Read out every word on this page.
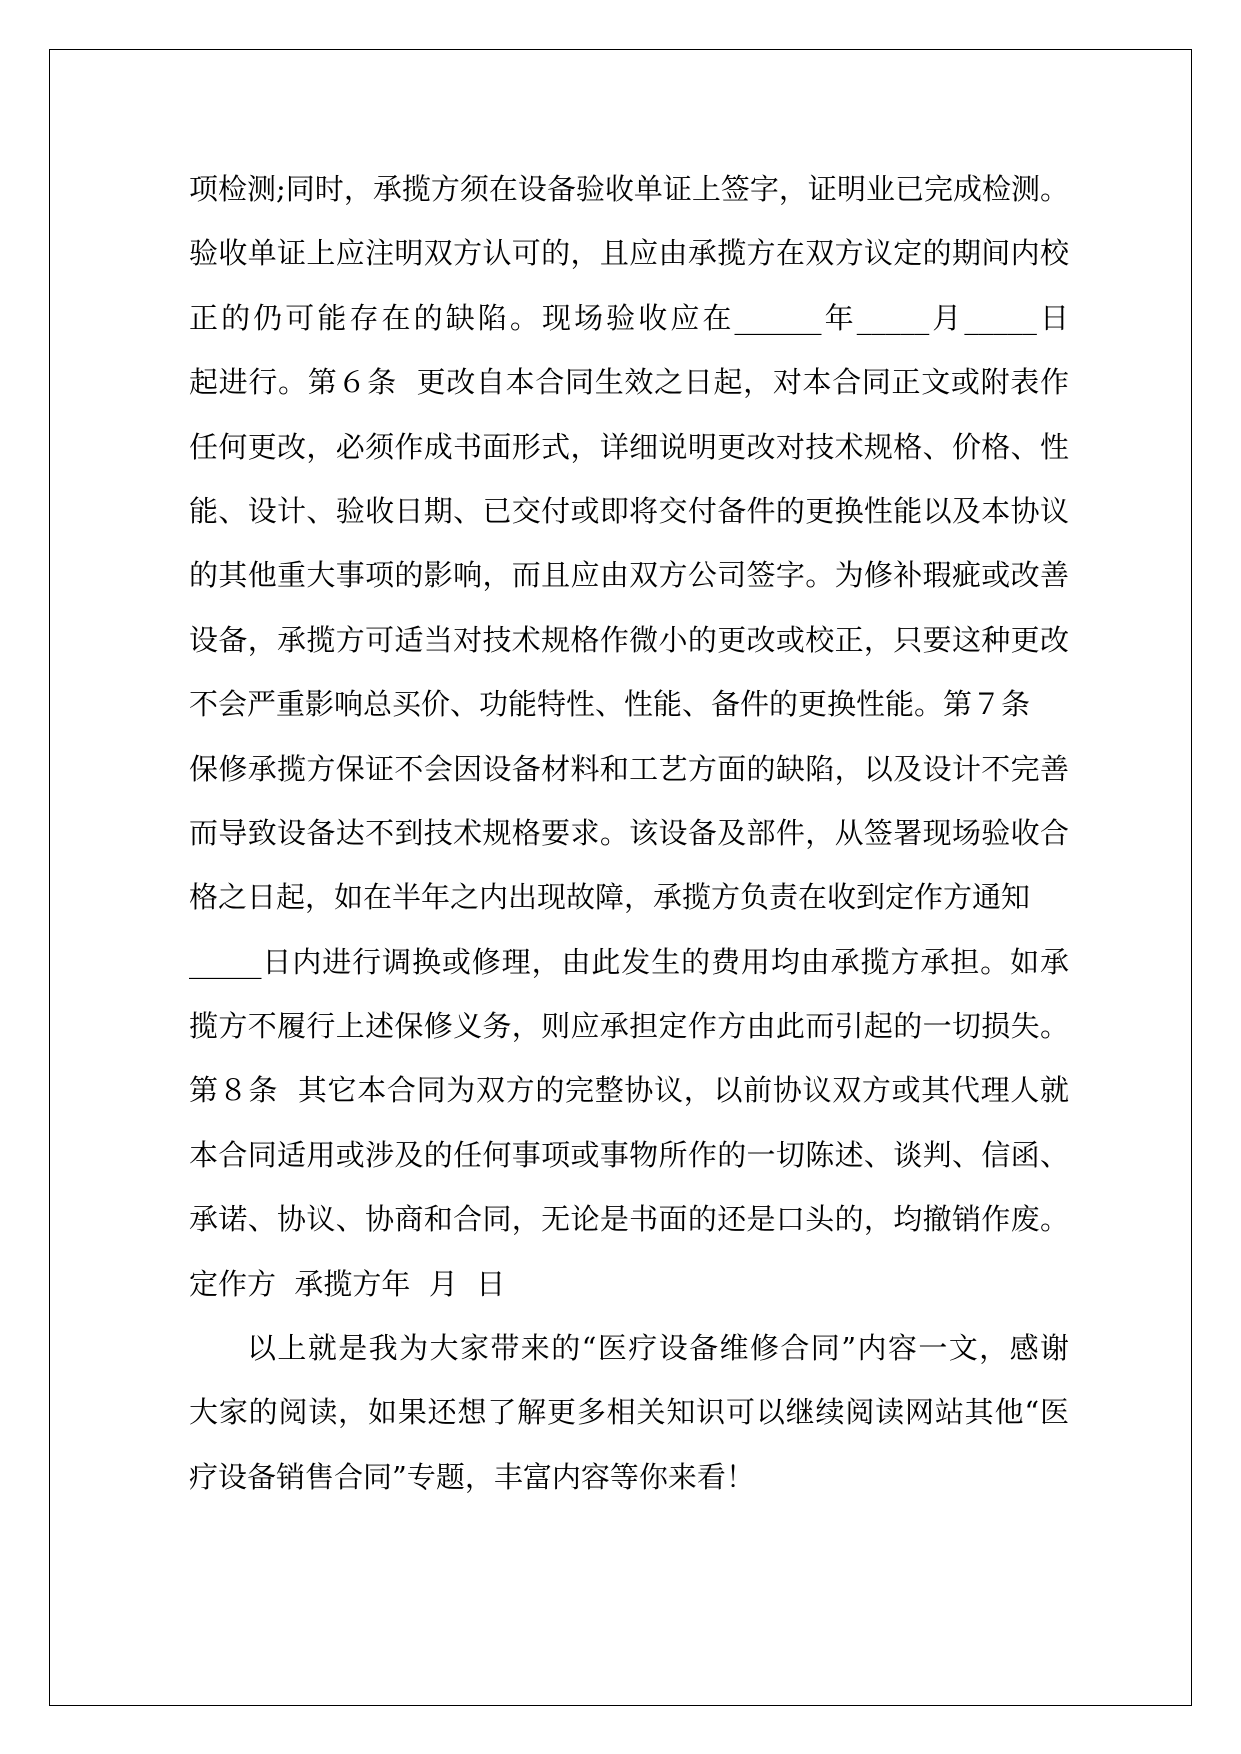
项检测;同时，承揽方须在设备验收单证上签字，证明业已完成检测。
验收单证上应注明双方认可的，且应由承揽方在双方议定的期间内校
正的仍可能存在的缺陷。现场验收应在______年_____月_____日
起进行。第６条  更改自本合同生效之日起，对本合同正文或附表作
任何更改，必须作成书面形式，详细说明更改对技术规格、价格、性
能、设计、验收日期、已交付或即将交付备件的更换性能以及本协议
的其他重大事项的影响，而且应由双方公司签字。为修补瑕疵或改善
设备，承揽方可适当对技术规格作微小的更改或校正，只要这种更改
不会严重影响总买价、功能特性、性能、备件的更换性能。第７条
保修承揽方保证不会因设备材料和工艺方面的缺陷，以及设计不完善
而导致设备达不到技术规格要求。该设备及部件，从签署现场验收合
格之日起，如在半年之内出现故障，承揽方负责在收到定作方通知
_____日内进行调换或修理，由此发生的费用均由承揽方承担。如承
揽方不履行上述保修义务，则应承担定作方由此而引起的一切损失。
第８条  其它本合同为双方的完整协议，以前协议双方或其代理人就
本合同适用或涉及的任何事项或事物所作的一切陈述、谈判、信函、
承诺、协议、协商和合同，无论是书面的还是口头的，均撤销作废。
定作方  承揽方年  月  日
以上就是我为大家带来的“医疗设备维修合同”内容一文，感谢
大家的阅读，如果还想了解更多相关知识可以继续阅读网站其他“医
疗设备销售合同”专题，丰富内容等你来看！
